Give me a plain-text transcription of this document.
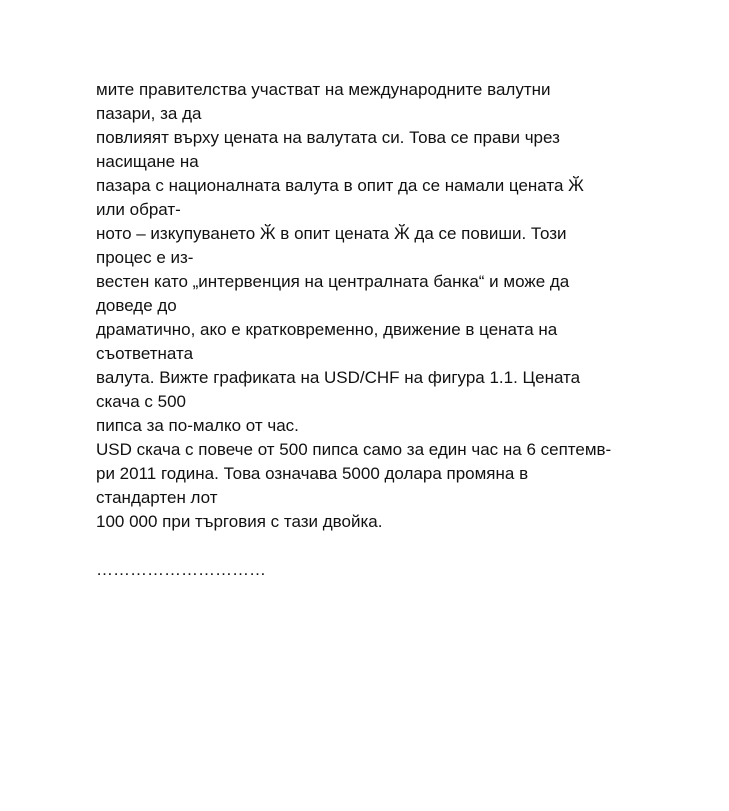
мите правителства участват на международните валутни
пазари, за да
повлияят върху цената на валутата си. Това се прави чрез
насищане на
пазара с националната валута в опит да се намали цената Ӂ
или обрат-
ното – изкупуването Ӂ в опит цената Ӂ да се повиши. Този
процес е из-
вестен като „интервенция на централната банка“ и може да
доведе до
драматично, ако е кратковременно, движение в цената на
съответната
валута. Вижте графиката на USD/CHF на фигура 1.1. Цената
скача с 500
пипса за по-малко от час.
USD скача с повече от 500 пипса само за един час на 6 септемв-
ри 2011 година. Това означава 5000 долара промяна в
стандартен лот
100 000 при търговия с тази двойка.
…………………………
